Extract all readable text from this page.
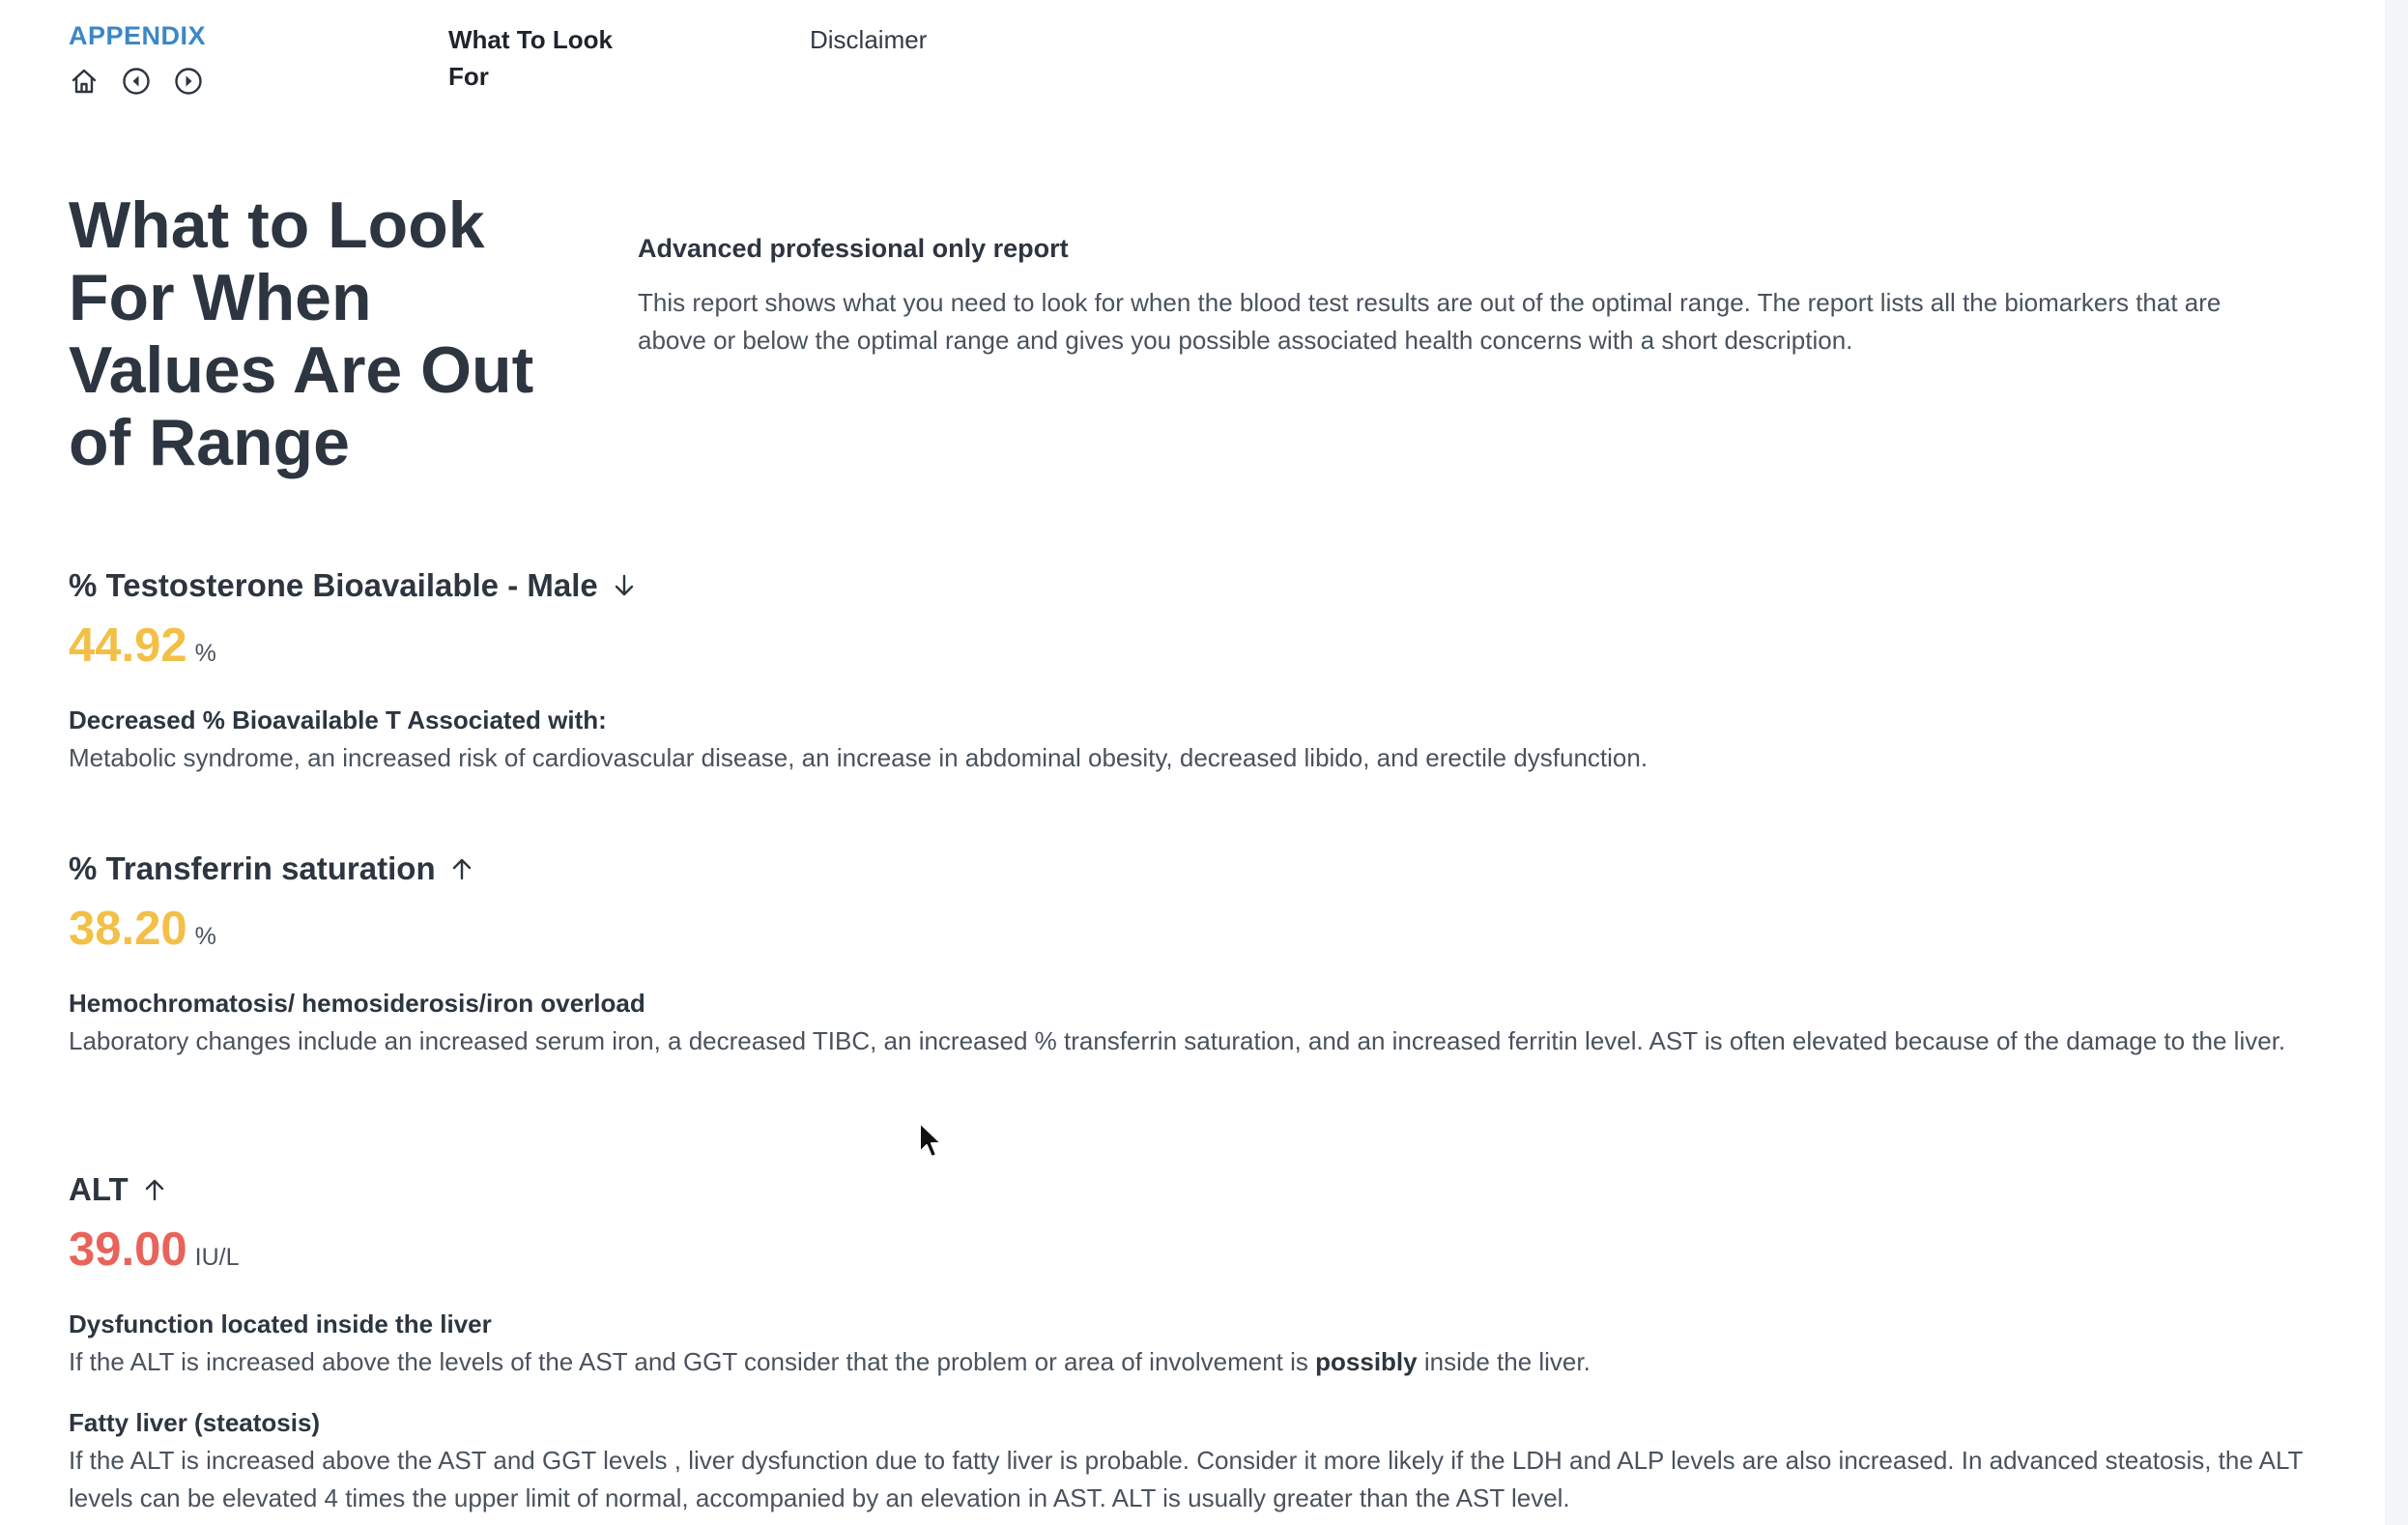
APPENDIX	What To Look For
Disclaimer
What to Look For When Values Are Out of Range
Advanced professional only report
This report shows what you need to look for when the blood test results are out of the optimal range. The report lists all the biomarkers that are above or below the optimal range and gives you possible associated health concerns with a short description.
% Testosterone Bioavailable - Male
44.92 %
Decreased % Bioavailable T Associated with:
Metabolic syndrome, an increased risk of cardiovascular disease, an increase in abdominal obesity, decreased libido, and erectile dysfunction.
% Transferrin saturation
38.20 %
Hemochromatosis/ hemosiderosis/iron overload
Laboratory changes include an increased serum iron, a decreased TIBC, an increased % transferrin saturation, and an increased ferritin level. AST is often elevated because of the damage to the liver.
ALT
39.00 IU/L
Dysfunction located inside the liver
If the ALT is increased above the levels of the AST and GGT consider that the problem or area of involvement is possibly inside the liver.
Fatty liver (steatosis)
If the ALT is increased above the AST and GGT levels , liver dysfunction due to fatty liver is probable. Consider it more likely if the LDH and ALP levels are also increased. In advanced steatosis, the ALT levels can be elevated 4 times the upper limit of normal, accompanied by an elevation in AST. ALT is usually greater than the AST level.
